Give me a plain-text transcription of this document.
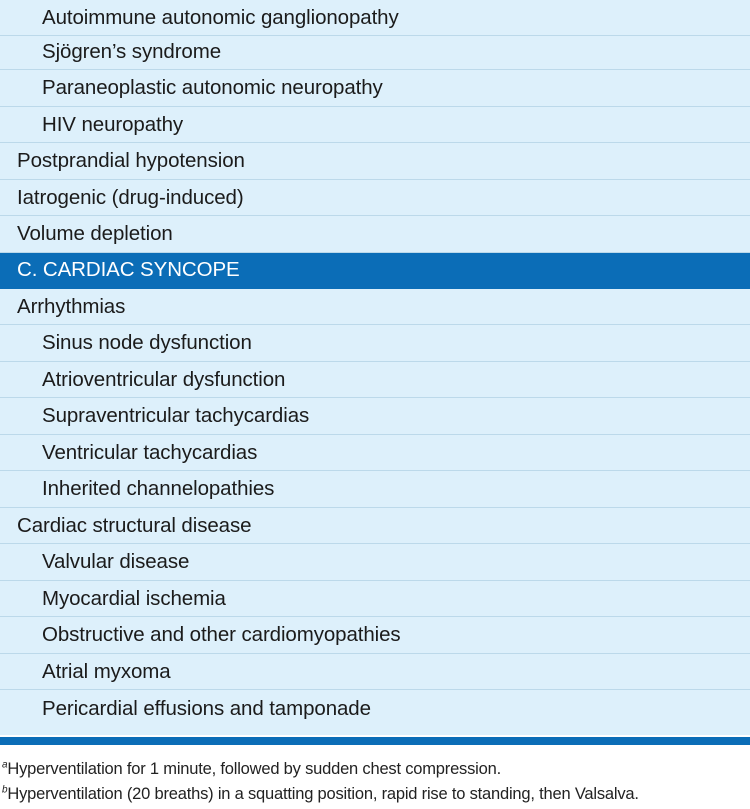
Autoimmune autonomic ganglionopathy
Sjögren’s syndrome
Paraneoplastic autonomic neuropathy
HIV neuropathy
Postprandial hypotension
Iatrogenic (drug-induced)
Volume depletion
C. CARDIAC SYNCOPE
Arrhythmias
Sinus node dysfunction
Atrioventricular dysfunction
Supraventricular tachycardias
Ventricular tachycardias
Inherited channelopathies
Cardiac structural disease
Valvular disease
Myocardial ischemia
Obstructive and other cardiomyopathies
Atrial myxoma
Pericardial effusions and tamponade
$^a$Hyperventilation for 1 minute, followed by sudden chest compression.
$^b$Hyperventilation (20 breaths) in a squatting position, rapid rise to standing, then Valsalva.
